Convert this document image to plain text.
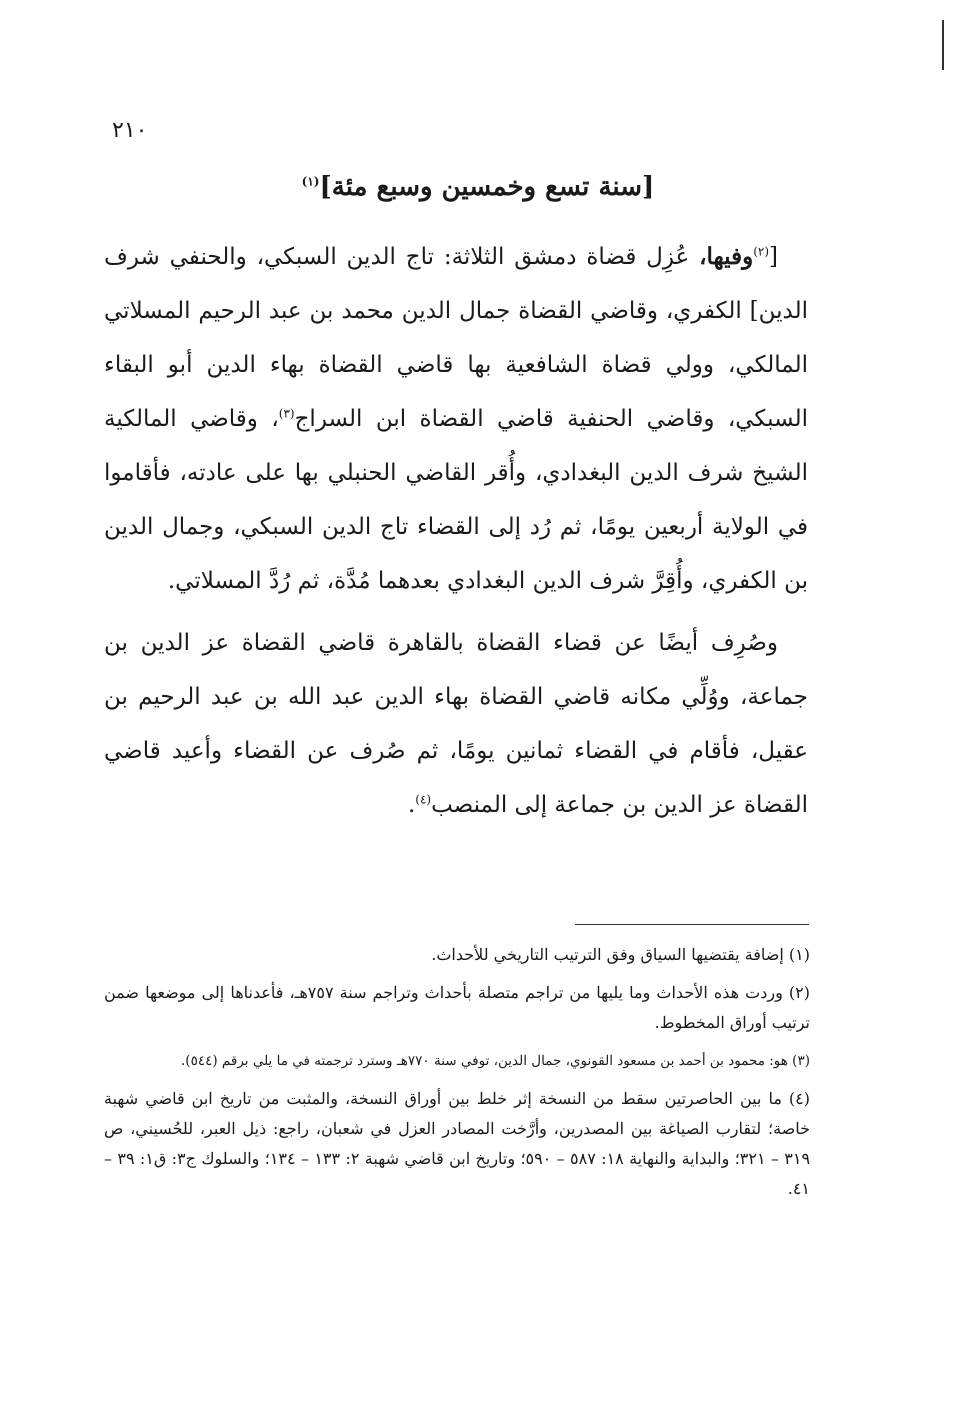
٢١٠
[سنة تسع وخمسين وسبع مئة]$^{(١)}$

[$^{(٢)}$وفيها، عُزِل قضاة دمشق الثلاثة: تاج الدين السبكي، والحنفي شرف الدين] الكفري، وقاضي القضاة جمال الدين محمد بن عبد الرحيم المسلاتي المالكي، وولي قضاة الشافعية بها قاضي القضاة بهاء الدين أبو البقاء السبكي، وقاضي الحنفية قاضي القضاة ابن السراج$^{(٣)}$، وقاضي المالكية الشيخ شرف الدين البغدادي، وأُقر القاضي الحنبلي بها على عادته، فأقاموا في الولاية أربعين يومًا، ثم رُد إلى القضاء تاج الدين السبكي، وجمال الدين بن الكفري، وأُقِرَّ شرف الدين البغدادي بعدهما مُدَّة، ثم رُدَّ المسلاتي.

وصُرِف أيضًا عن قضاء القضاة بالقاهرة قاضي القضاة عز الدين بن جماعة، ووُلِّي مكانه قاضي القضاة بهاء الدين عبد الله بن عبد الرحيم بن عقيل، فأقام في القضاء ثمانين يومًا، ثم صُرف عن القضاء وأعيد قاضي القضاة عز الدين بن جماعة إلى المنصب$^{(٤)}$.

(١) إضافة يقتضيها السياق وفق الترتيب التاريخي للأحداث.

(٢) وردت هذه الأحداث وما يليها من تراجم متصلة بأحداث وتراجم سنة ٧٥٧هـ، فأعدناها إلى موضعها ضمن ترتيب أوراق المخطوط.

(٣) هو: محمود بن أحمد بن مسعود القونوي، جمال الدين، توفي سنة ٧٧٠هـ وسترد ترجمته في ما يلي برقم (٥٤٤).

(٤) ما بين الحاصرتين سقط من النسخة إثر خلط بين أوراق النسخة، والمثبت من تاريخ ابن قاضي شهبة خاصة؛ لتقارب الصياغة بين المصدرين، وأرَّخت المصادر العزل في شعبان، راجع: ذيل العبر، للحُسيني، ص ٣١٩ – ٣٢١؛ والبداية والنهاية ١٨: ٥٨٧ – ٥٩٠؛ وتاريخ ابن قاضي شهبة ٢: ١٣٣ – ١٣٤؛ والسلوك ج٣: ق١: ٣٩ – ٤١.
